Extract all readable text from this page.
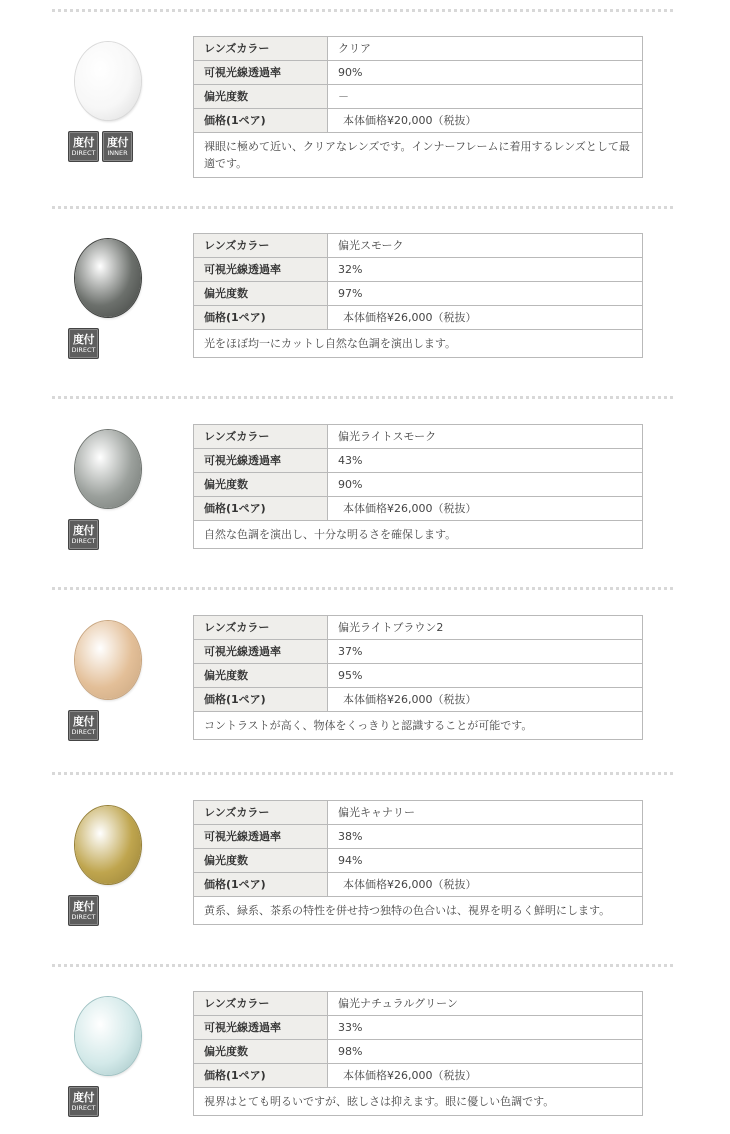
度付
DIRECT
度付
INNER
レンズカラー	クリア
可視光線透過率	90%
偏光度数	－
価格(1ペア)	本体価格¥20,000（税抜）
裸眼に極めて近い、クリアなレンズです。インナーフレームに着用するレンズとして最適です。	
度付
DIRECT
レンズカラー	偏光スモーク
可視光線透過率	32%
偏光度数	97%
価格(1ペア)	本体価格¥26,000（税抜）
光をほぼ均一にカットし自然な色調を演出します。	
度付
DIRECT
レンズカラー	偏光ライトスモーク
可視光線透過率	43%
偏光度数	90%
価格(1ペア)	本体価格¥26,000（税抜）
自然な色調を演出し、十分な明るさを確保します。	
度付
DIRECT
レンズカラー	偏光ライトブラウン2
可視光線透過率	37%
偏光度数	95%
価格(1ペア)	本体価格¥26,000（税抜）
コントラストが高く、物体をくっきりと認識することが可能です。	
度付
DIRECT
レンズカラー	偏光キャナリー
可視光線透過率	38%
偏光度数	94%
価格(1ペア)	本体価格¥26,000（税抜）
黄系、緑系、茶系の特性を併せ持つ独特の色合いは、視界を明るく鮮明にします。	
度付
DIRECT
レンズカラー	偏光ナチュラルグリーン
可視光線透過率	33%
偏光度数	98%
価格(1ペア)	本体価格¥26,000（税抜）
視界はとても明るいですが、眩しさは抑えます。眼に優しい色調です。	
